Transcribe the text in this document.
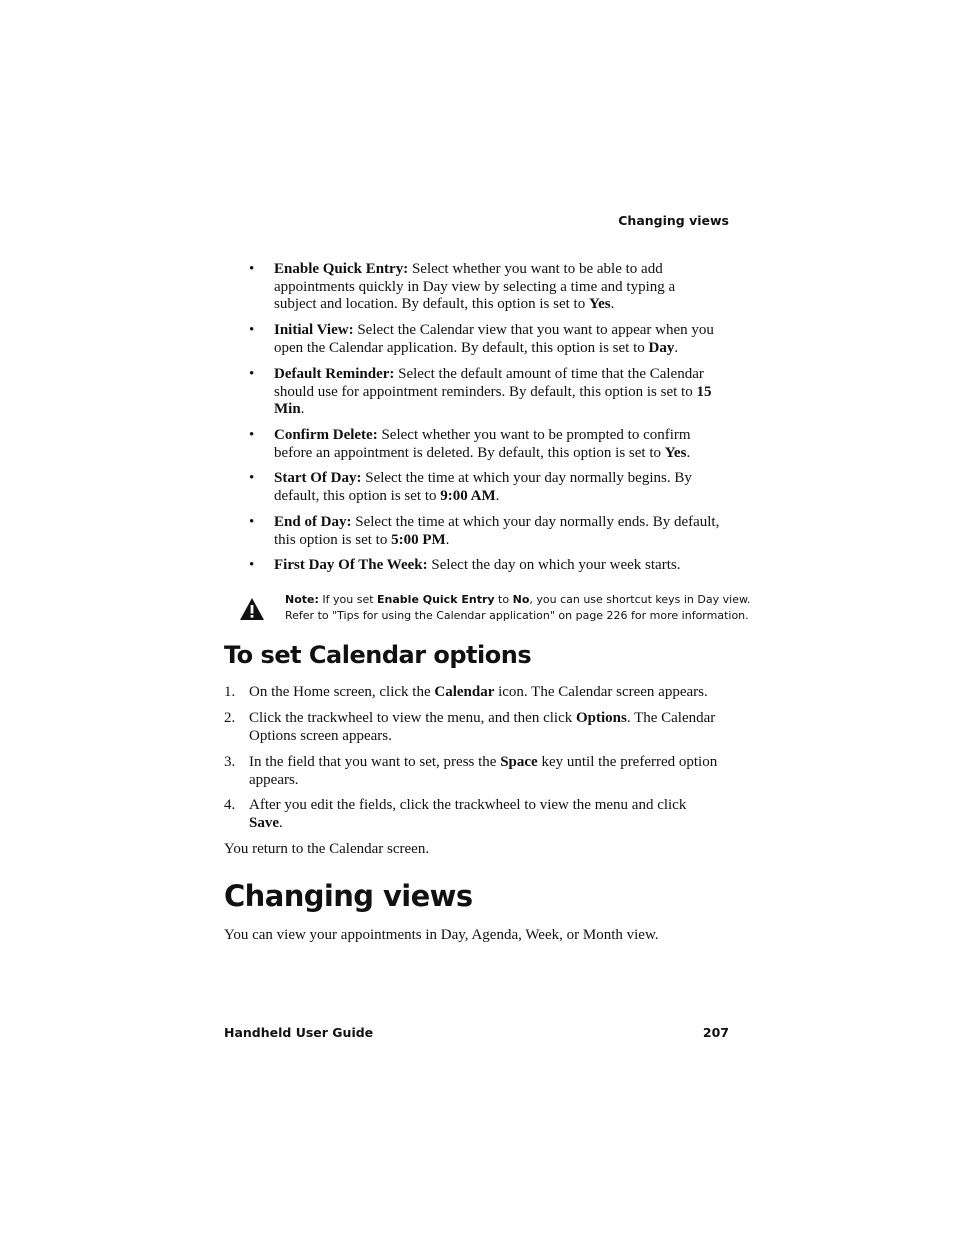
Changing views
• Enable Quick Entry: Select whether you want to be able to add
appointments quickly in Day view by selecting a time and typing a
subject and location. By default, this option is set to Yes.
• Initial View: Select the Calendar view that you want to appear when you
open the Calendar application. By default, this option is set to Day.
• Default Reminder: Select the default amount of time that the Calendar
should use for appointment reminders. By default, this option is set to 15
Min.
• Confirm Delete: Select whether you want to be prompted to confirm
before an appointment is deleted. By default, this option is set to Yes.
• Start Of Day: Select the time at which your day normally begins. By
default, this option is set to 9:00 AM.
• End of Day: Select the time at which your day normally ends. By default,
this option is set to 5:00 PM.
• First Day Of The Week: Select the day on which your week starts.
Note: If you set Enable Quick Entry to No, you can use shortcut keys in Day view.
Refer to "Tips for using the Calendar application" on page 226 for more information.
To set Calendar options
1. On the Home screen, click the Calendar icon. The Calendar screen appears.
2. Click the trackwheel to view the menu, and then click Options. The Calendar
Options screen appears.
3. In the field that you want to set, press the Space key until the preferred option
appears.
4. After you edit the fields, click the trackwheel to view the menu and click
Save.
You return to the Calendar screen.
Changing views
You can view your appointments in Day, Agenda, Week, or Month view.
Handheld User Guide	207
